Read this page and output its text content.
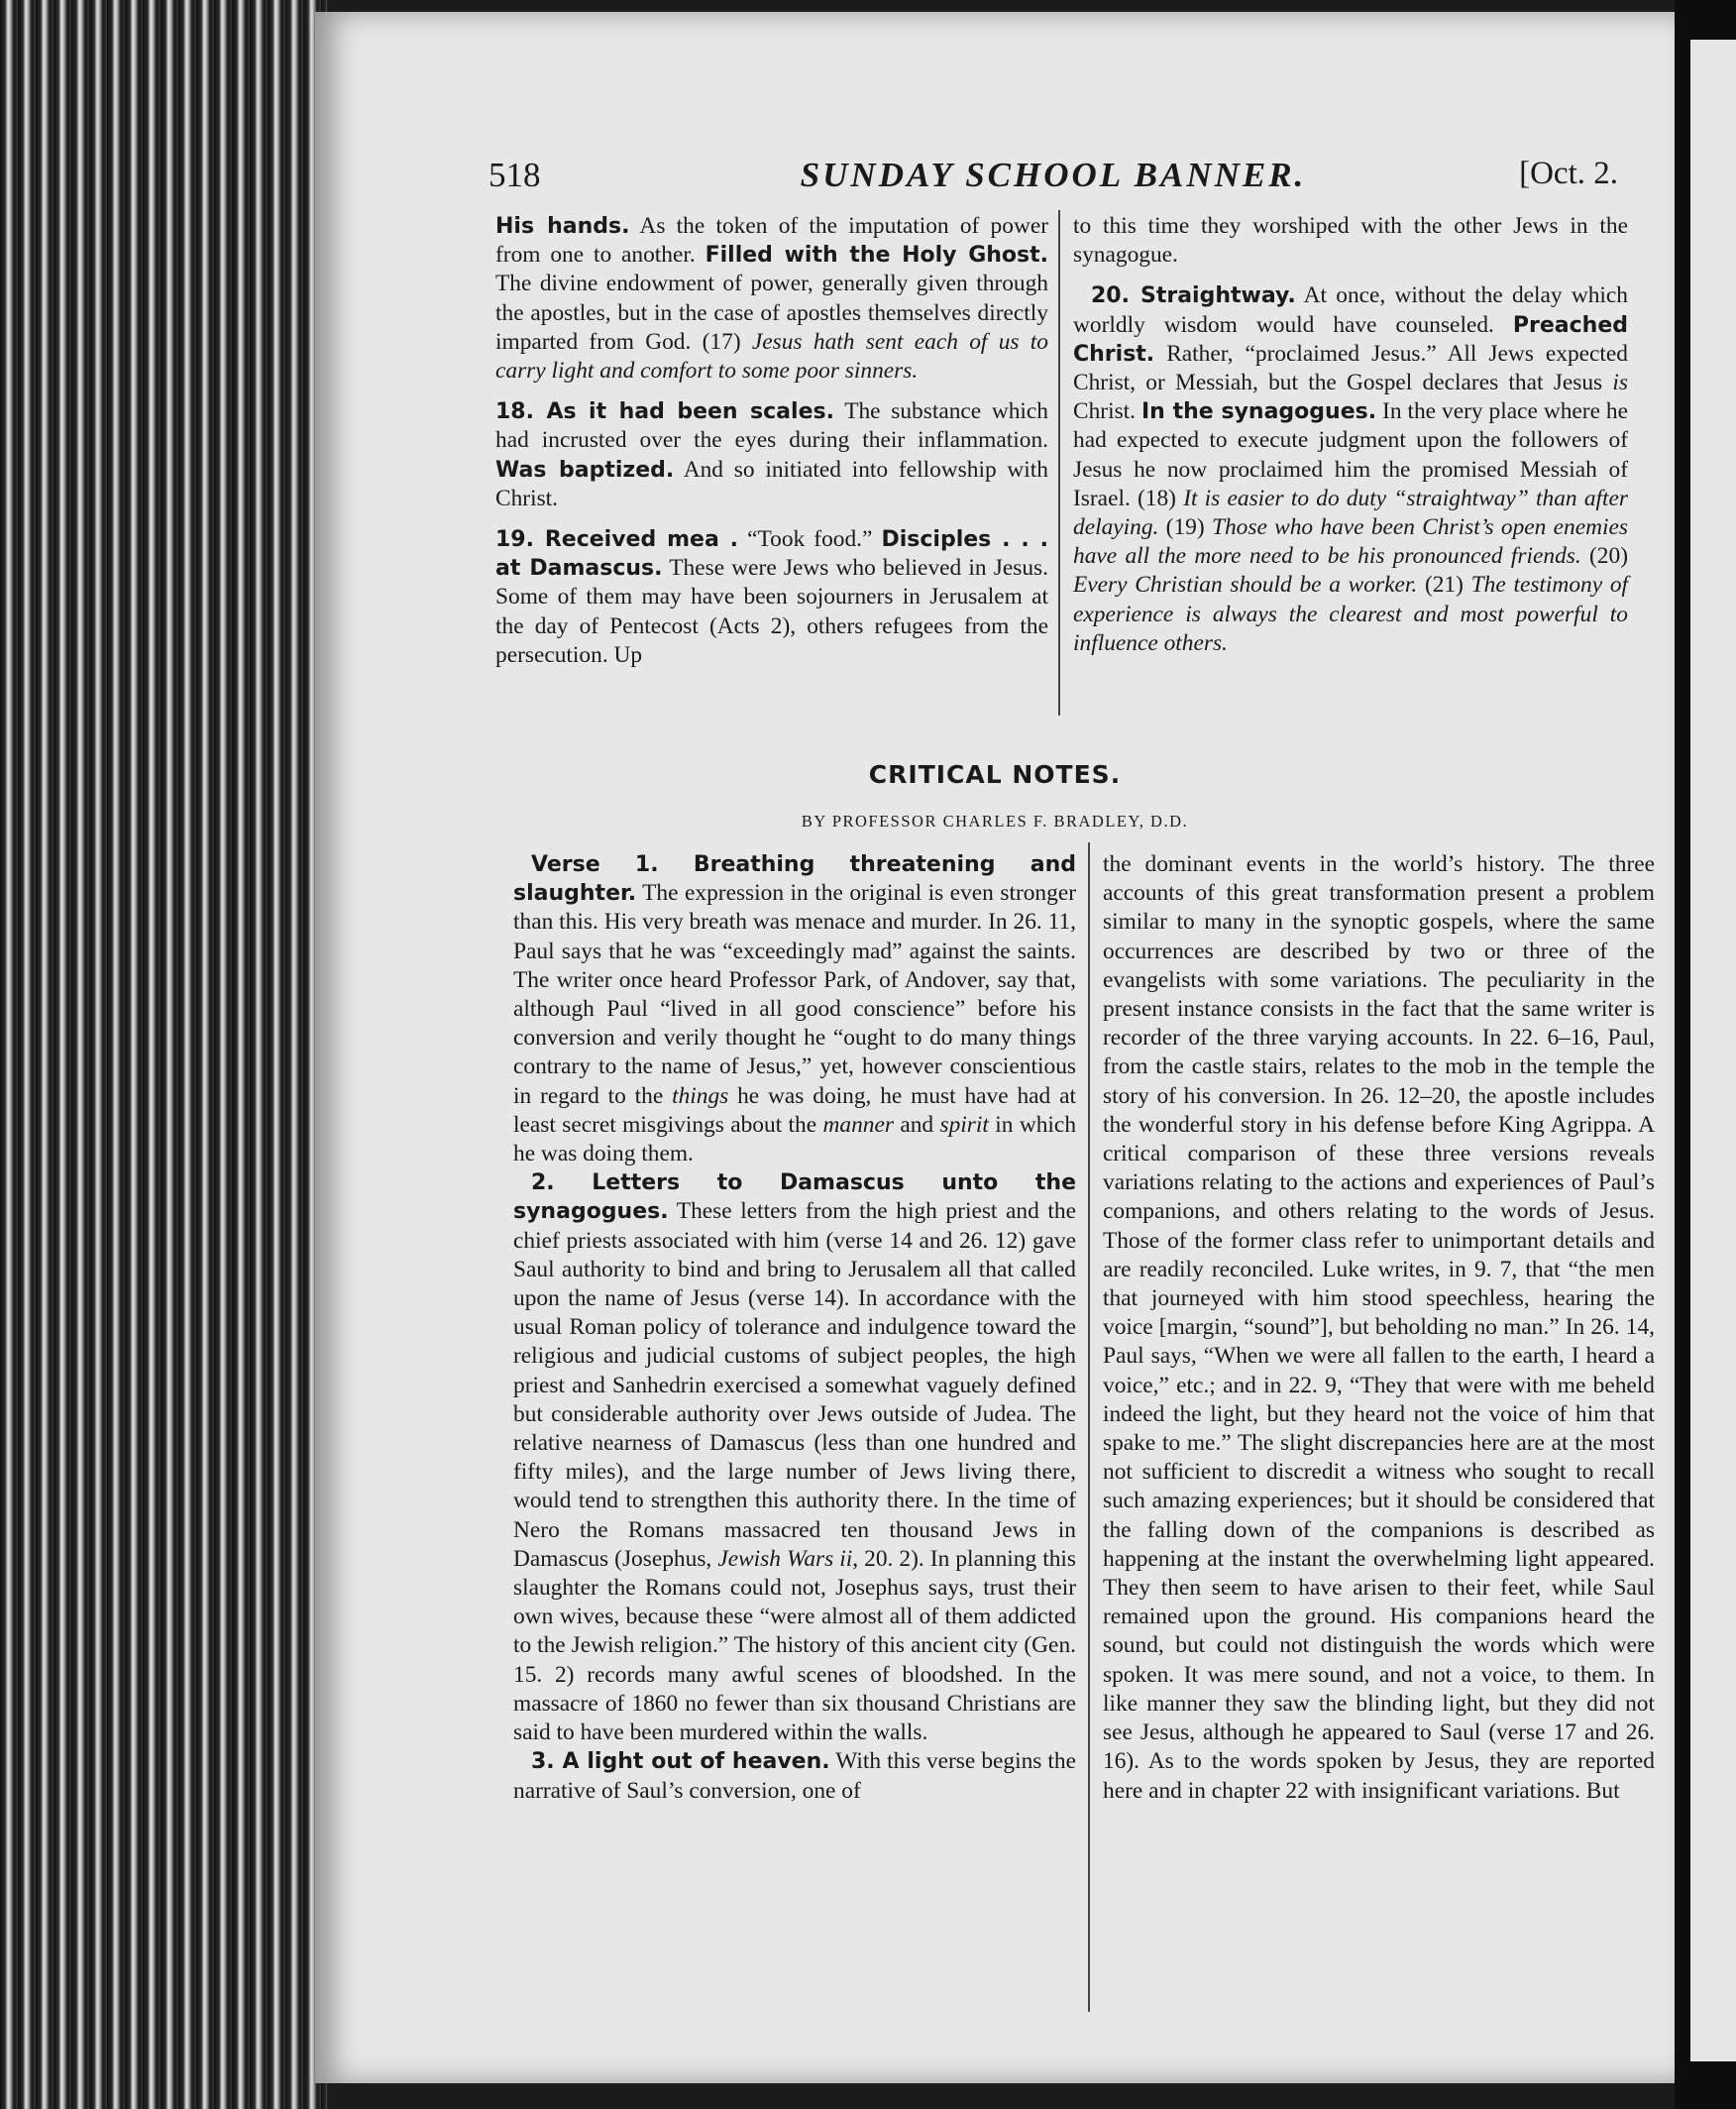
518	SUNDAY SCHOOL BANNER.	[Oct. 2.

His hands. As the token of the imputation of power from one to another. Filled with the Holy Ghost. The divine endowment of power, generally given through the apostles, but in the case of apostles themselves directly imparted from God. (17) Jesus hath sent each of us to carry light and comfort to some poor sinners.

18. As it had been scales. The substance which had incrusted over the eyes during their inflammation. Was baptized. And so initiated into fellowship with Christ.

19. Received mea . “Took food.” Disciples . . . at Damascus. These were Jews who believed in Jesus. Some of them may have been sojourners in Jerusalem at the day of Pentecost (Acts 2), others refugees from the persecution. Up

to this time they worshiped with the other Jews in the synagogue.

20. Straightway. At once, without the delay which worldly wisdom would have counseled. Preached Christ. Rather, “proclaimed Jesus.” All Jews expected Christ, or Messiah, but the Gospel declares that Jesus is Christ. In the synagogues. In the very place where he had expected to execute judgment upon the followers of Jesus he now proclaimed him the promised Messiah of Israel. (18) It is easier to do duty “straightway” than after delaying. (19) Those who have been Christ’s open enemies have all the more need to be his pronounced friends. (20) Every Christian should be a worker. (21) The testimony of experience is always the clearest and most powerful to influence others.

CRITICAL NOTES.
BY PROFESSOR CHARLES F. BRADLEY, D.D.

Verse 1. Breathing threatening and slaughter. The expression in the original is even stronger than this. His very breath was menace and murder. In 26. 11, Paul says that he was “exceedingly mad” against the saints. The writer once heard Professor Park, of Andover, say that, although Paul “lived in all good conscience” before his conversion and verily thought he “ought to do many things contrary to the name of Jesus,” yet, however conscientious in regard to the things he was doing, he must have had at least secret misgivings about the manner and spirit in which he was doing them.

2. Letters to Damascus unto the synagogues. These letters from the high priest and the chief priests associated with him (verse 14 and 26. 12) gave Saul authority to bind and bring to Jerusalem all that called upon the name of Jesus (verse 14). In accordance with the usual Roman policy of tolerance and indulgence toward the religious and judicial customs of subject peoples, the high priest and Sanhedrin exercised a somewhat vaguely defined but considerable authority over Jews outside of Judea. The relative nearness of Damascus (less than one hundred and fifty miles), and the large number of Jews living there, would tend to strengthen this authority there. In the time of Nero the Romans massacred ten thousand Jews in Damascus (Josephus, Jewish Wars ii, 20. 2). In planning this slaughter the Romans could not, Josephus says, trust their own wives, because these “were almost all of them addicted to the Jewish religion.” The history of this ancient city (Gen. 15. 2) records many awful scenes of bloodshed. In the massacre of 1860 no fewer than six thousand Christians are said to have been murdered within the walls.

3. A light out of heaven. With this verse begins the narrative of Saul’s conversion, one of

the dominant events in the world’s history. The three accounts of this great transformation present a problem similar to many in the synoptic gospels, where the same occurrences are described by two or three of the evangelists with some variations. The peculiarity in the present instance consists in the fact that the same writer is recorder of the three varying accounts. In 22. 6–16, Paul, from the castle stairs, relates to the mob in the temple the story of his conversion. In 26. 12–20, the apostle includes the wonderful story in his defense before King Agrippa. A critical comparison of these three versions reveals variations relating to the actions and experiences of Paul’s companions, and others relating to the words of Jesus. Those of the former class refer to unimportant details and are readily reconciled. Luke writes, in 9. 7, that “the men that journeyed with him stood speechless, hearing the voice [margin, “sound”], but beholding no man.” In 26. 14, Paul says, “When we were all fallen to the earth, I heard a voice,” etc.; and in 22. 9, “They that were with me beheld indeed the light, but they heard not the voice of him that spake to me.” The slight discrepancies here are at the most not sufficient to discredit a witness who sought to recall such amazing experiences; but it should be considered that the falling down of the companions is described as happening at the instant the overwhelming light appeared. They then seem to have arisen to their feet, while Saul remained upon the ground. His companions heard the sound, but could not distinguish the words which were spoken. It was mere sound, and not a voice, to them. In like manner they saw the blinding light, but they did not see Jesus, although he appeared to Saul (verse 17 and 26. 16). As to the words spoken by Jesus, they are reported here and in chapter 22 with insignificant variations. But
